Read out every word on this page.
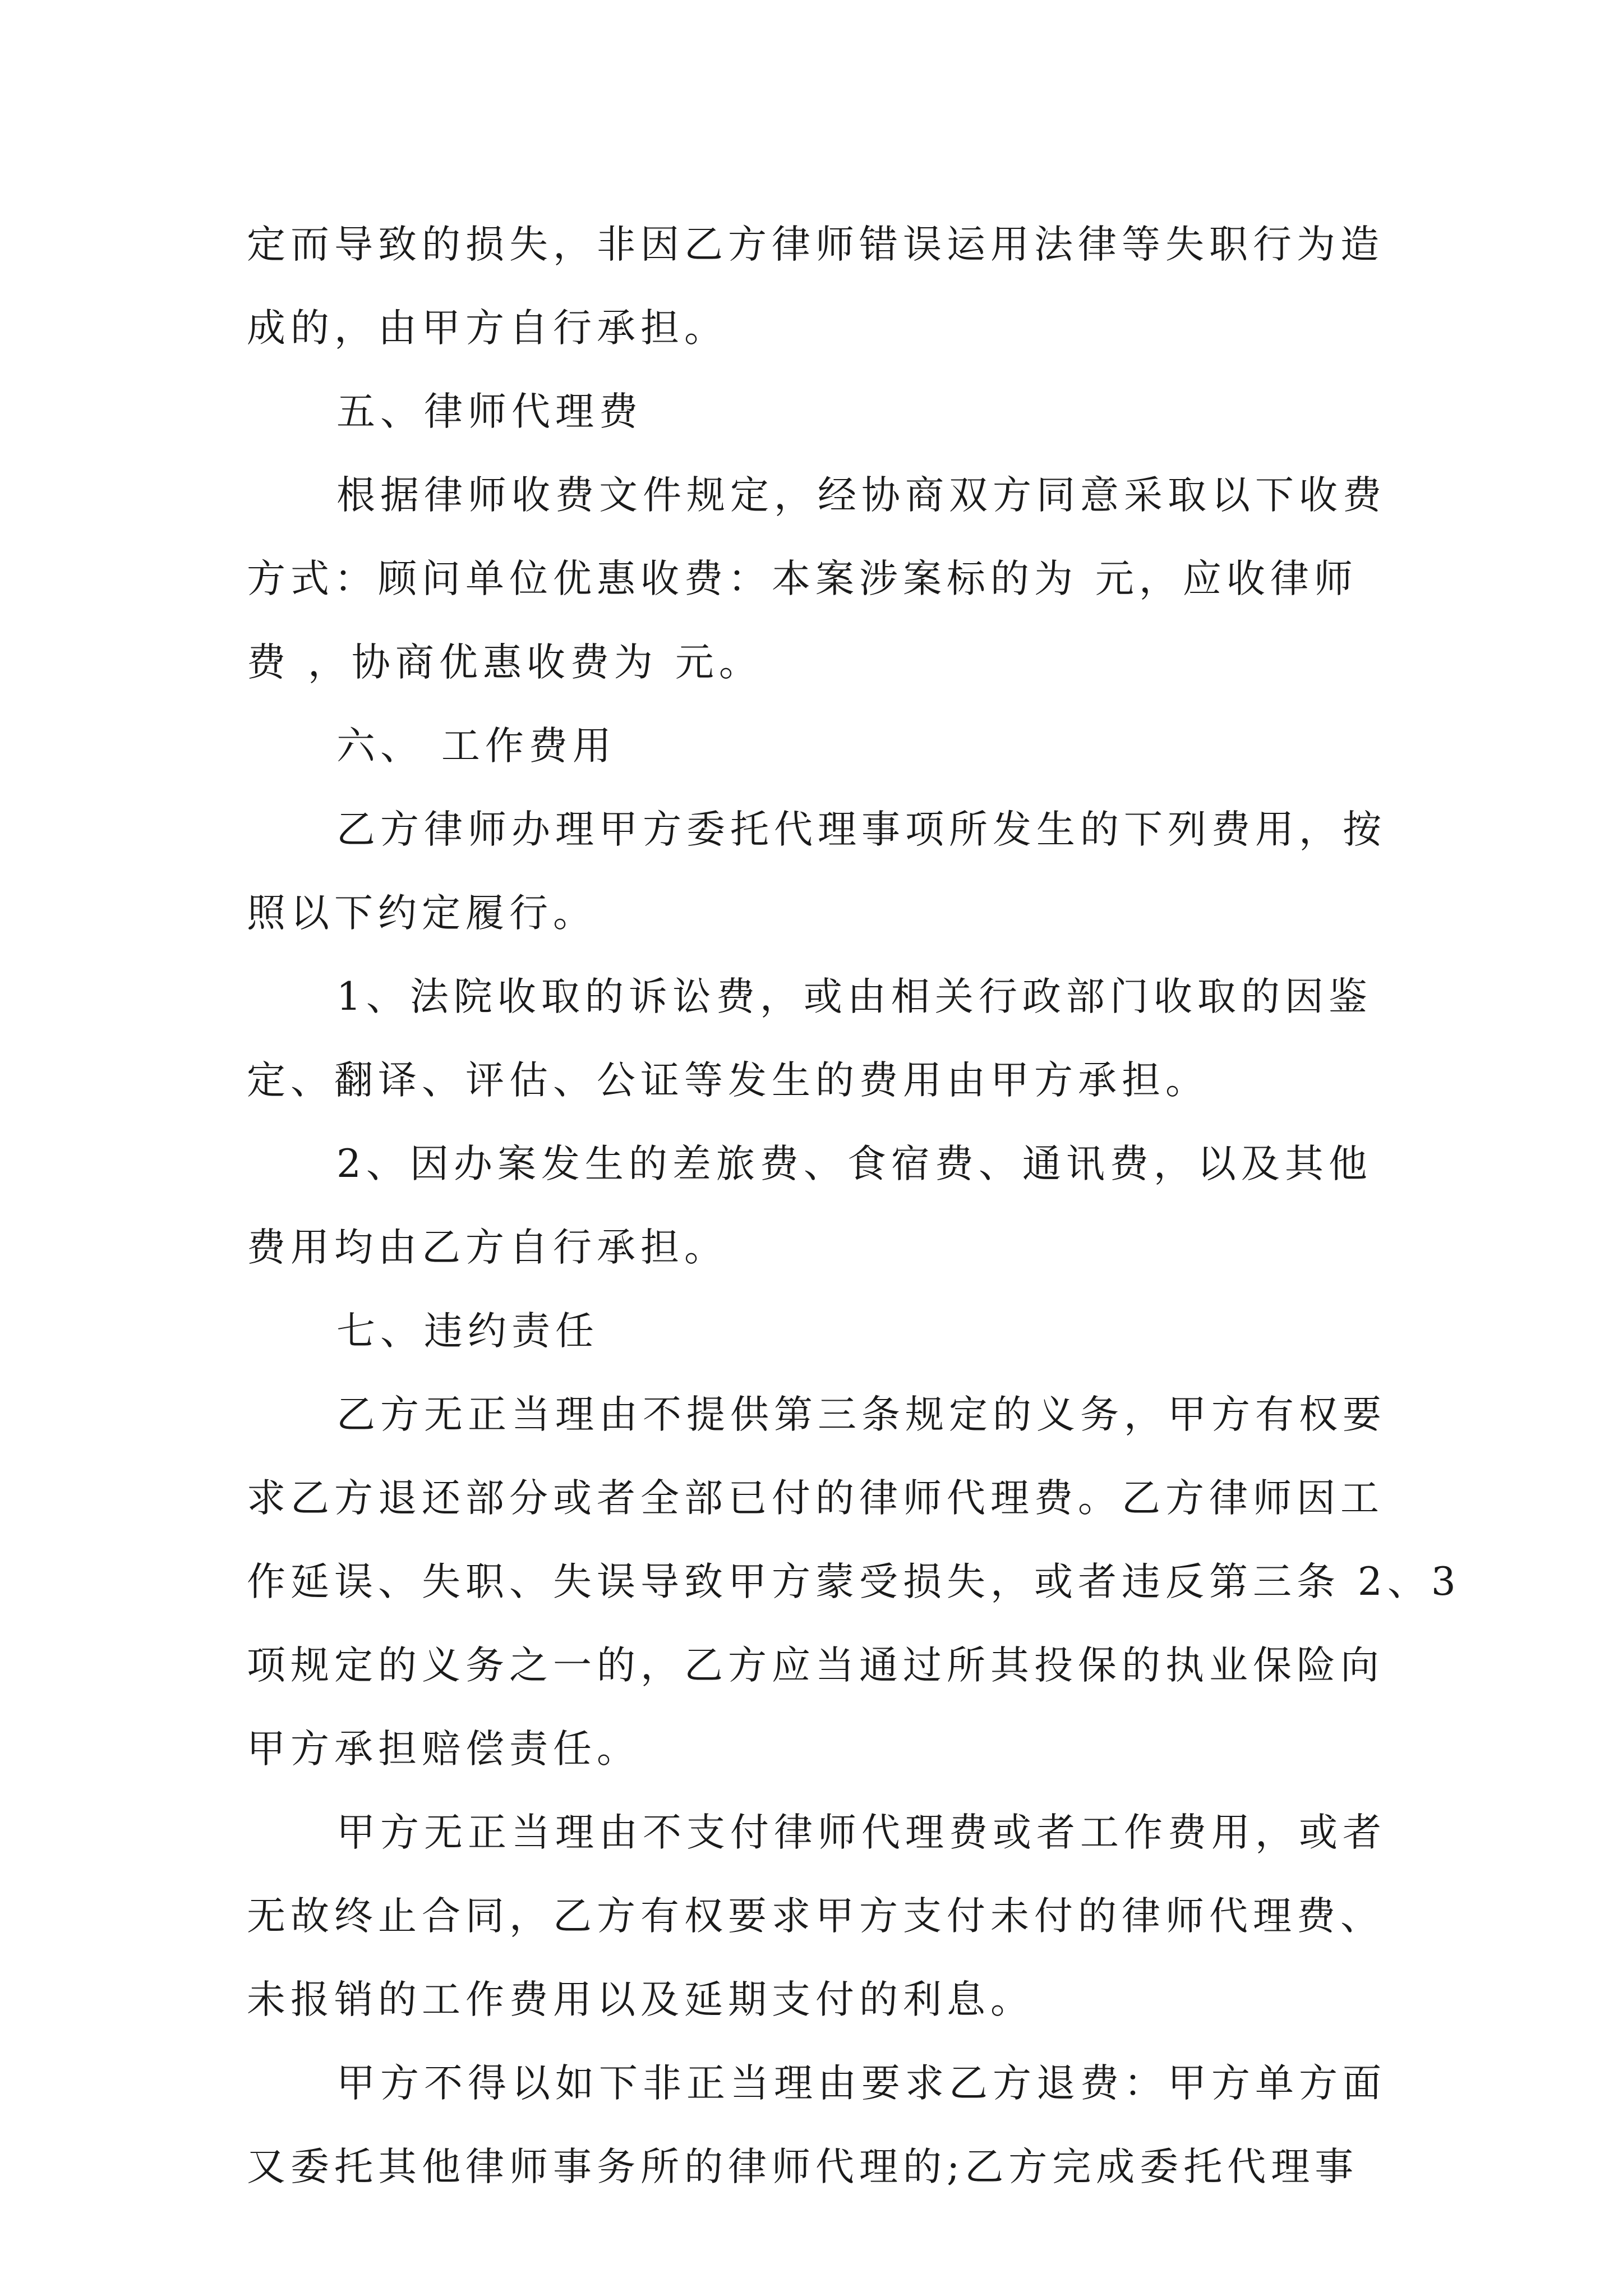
定而导致的损失，非因乙方律师错误运用法律等失职行为造
成的，由甲方自行承担。
五、律师代理费
根据律师收费文件规定，经协商双方同意采取以下收费
方式：顾问单位优惠收费：本案涉案标的为 元，应收律师
费 ，协商优惠收费为 元。
六、 工作费用
乙方律师办理甲方委托代理事项所发生的下列费用，按
照以下约定履行。
1、法院收取的诉讼费，或由相关行政部门收取的因鉴
定、翻译、评估、公证等发生的费用由甲方承担。
2、因办案发生的差旅费、食宿费、通讯费，以及其他
费用均由乙方自行承担。
七、违约责任
乙方无正当理由不提供第三条规定的义务，甲方有权要
求乙方退还部分或者全部已付的律师代理费。乙方律师因工
作延误、失职、失误导致甲方蒙受损失，或者违反第三条 2、3
项规定的义务之一的，乙方应当通过所其投保的执业保险向
甲方承担赔偿责任。
甲方无正当理由不支付律师代理费或者工作费用，或者
无故终止合同，乙方有权要求甲方支付未付的律师代理费、
未报销的工作费用以及延期支付的利息。
甲方不得以如下非正当理由要求乙方退费：甲方单方面
又委托其他律师事务所的律师代理的;乙方完成委托代理事
